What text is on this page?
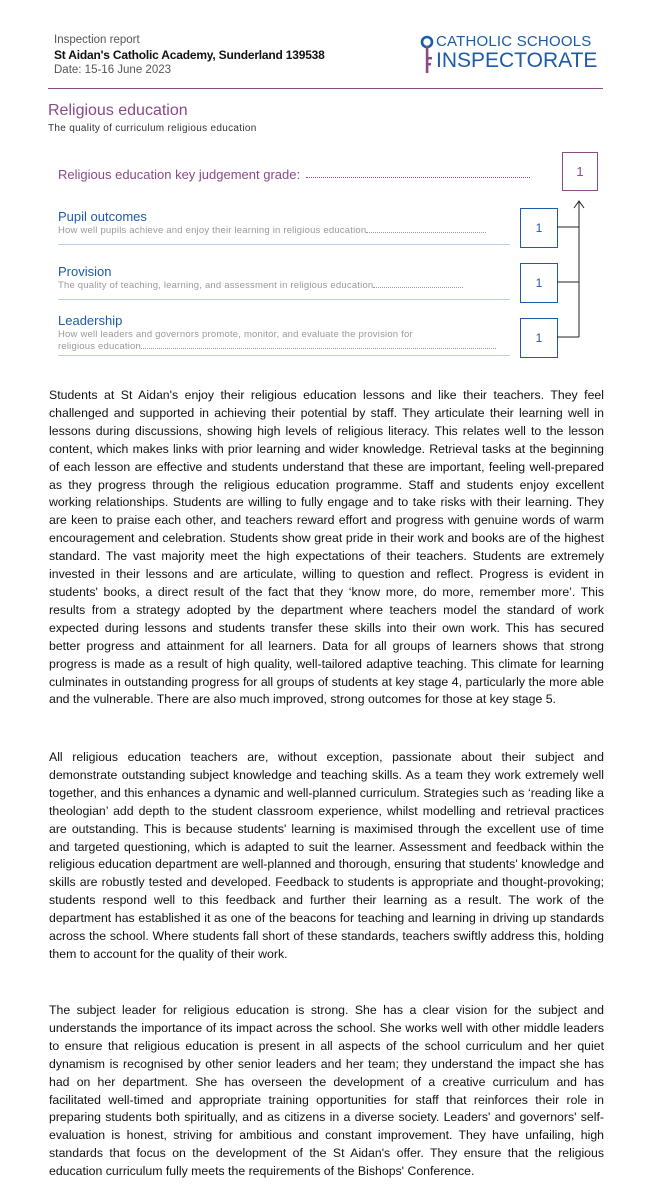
Inspection report
St Aidan's Catholic Academy, Sunderland 139538
Date: 15-16 June 2023
CATHOLIC SCHOOLS
INSPECTORATE
Religious education
The quality of curriculum religious education
Religious education key judgement grade:	1
Pupil outcomes
How well pupils achieve and enjoy their learning in religious education	1
Provision
The quality of teaching, learning, and assessment in religious education	1
Leadership
How well leaders and governors promote, monitor, and evaluate the provision for
religious education
1
Students at St Aidan's enjoy their religious education lessons and like their teachers. They feel challenged and supported in achieving their potential by staff. They articulate their learning well in lessons during discussions, showing high levels of religious literacy. This relates well to the lesson content, which makes links with prior learning and wider knowledge. Retrieval tasks at the beginning of each lesson are effective and students understand that these are important, feeling well-prepared as they progress through the religious education programme. Staff and students enjoy excellent working relationships. Students are willing to fully engage and to take risks with their learning. They are keen to praise each other, and teachers reward effort and progress with genuine words of warm encouragement and celebration. Students show great pride in their work and books are of the highest standard. The vast majority meet the high expectations of their teachers. Students are extremely invested in their lessons and are articulate, willing to question and reflect. Progress is evident in students' books, a direct result of the fact that they ‘know more, do more, remember more’. This results from a strategy adopted by the department where teachers model the standard of work expected during lessons and students transfer these skills into their own work. This has secured better progress and attainment for all learners. Data for all groups of learners shows that strong progress is made as a result of high quality, well-tailored adaptive teaching. This climate for learning culminates in outstanding progress for all groups of students at key stage 4, particularly the more able and the vulnerable. There are also much improved, strong outcomes for those at key stage 5.
All religious education teachers are, without exception, passionate about their subject and demonstrate outstanding subject knowledge and teaching skills. As a team they work extremely well together, and this enhances a dynamic and well-planned curriculum. Strategies such as ‘reading like a theologian’ add depth to the student classroom experience, whilst modelling and retrieval practices are outstanding. This is because students' learning is maximised through the excellent use of time and targeted questioning, which is adapted to suit the learner. Assessment and feedback within the religious education department are well-planned and thorough, ensuring that students' knowledge and skills are robustly tested and developed. Feedback to students is appropriate and thought-provoking; students respond well to this feedback and further their learning as a result. The work of the department has established it as one of the beacons for teaching and learning in driving up standards across the school. Where students fall short of these standards, teachers swiftly address this, holding them to account for the quality of their work.
The subject leader for religious education is strong. She has a clear vision for the subject and understands the importance of its impact across the school. She works well with other middle leaders to ensure that religious education is present in all aspects of the school curriculum and her quiet dynamism is recognised by other senior leaders and her team; they understand the impact she has had on her department. She has overseen the development of a creative curriculum and has facilitated well-timed and appropriate training opportunities for staff that reinforces their role in preparing students both spiritually, and as citizens in a diverse society. Leaders' and governors' self-evaluation is honest, striving for ambitious and constant improvement. They have unfailing, high standards that focus on the development of the St Aidan's offer. They ensure that the religious education curriculum fully meets the requirements of the Bishops' Conference.
